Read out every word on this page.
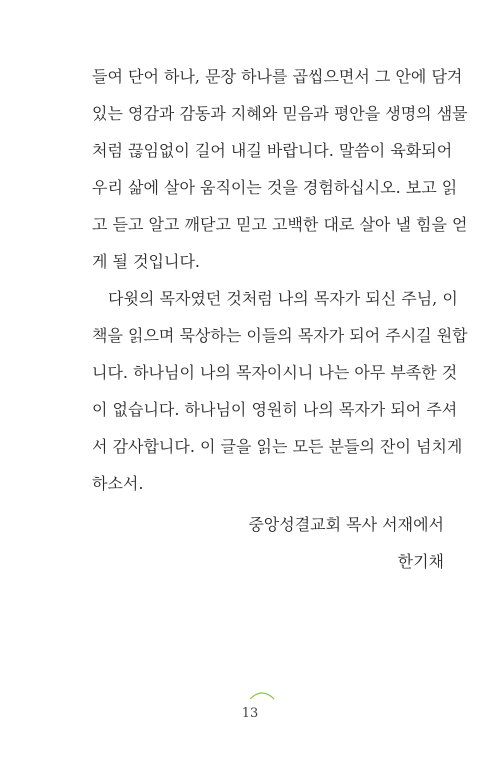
들여 단어 하나, 문장 하나를 곱씹으면서 그 안에 담겨
있는 영감과 감동과 지혜와 믿음과 평안을 생명의 샘물
처럼 끊임없이 길어 내길 바랍니다. 말씀이 육화되어
우리 삶에 살아 움직이는 것을 경험하십시오. 보고 읽
고 듣고 알고 깨닫고 믿고 고백한 대로 살아 낼 힘을 얻
게 될 것입니다.
다윗의 목자였던 것처럼 나의 목자가 되신 주님, 이
책을 읽으며 묵상하는 이들의 목자가 되어 주시길 원합
니다. 하나님이 나의 목자이시니 나는 아무 부족한 것
이 없습니다. 하나님이 영원히 나의 목자가 되어 주셔
서 감사합니다. 이 글을 읽는 모든 분들의 잔이 넘치게
하소서.
중앙성결교회 목사 서재에서
한기채
13
